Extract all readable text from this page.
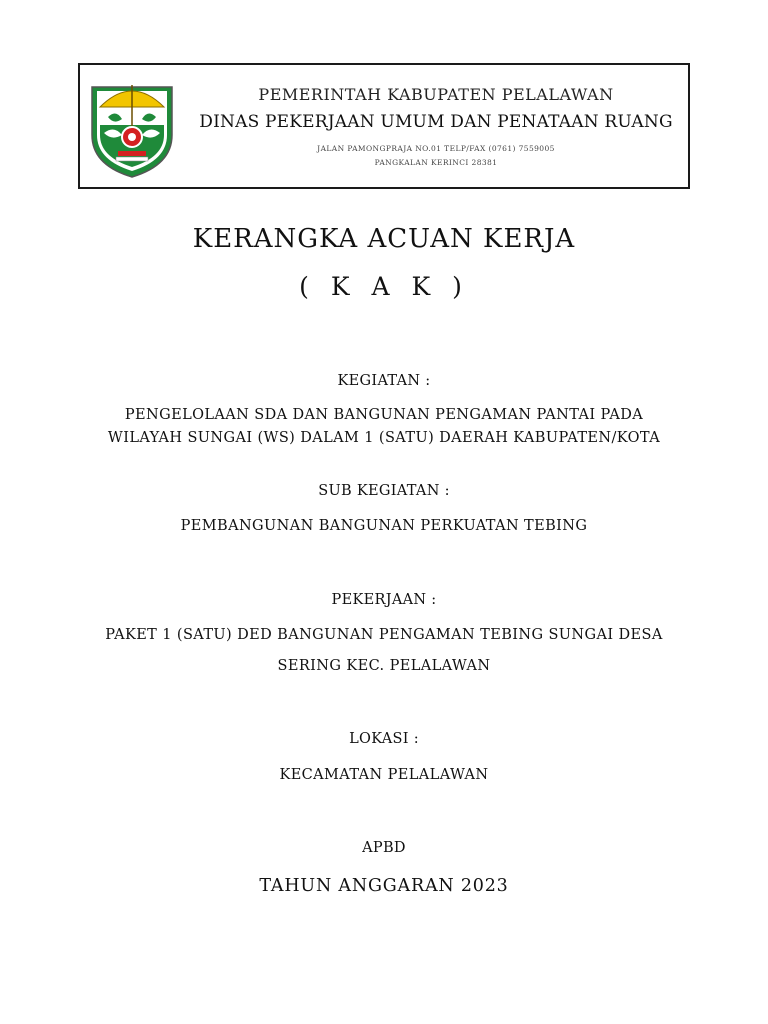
PEMERINTAH KABUPATEN PELALAWAN
DINAS PEKERJAAN UMUM DAN PENATAAN RUANG
JALAN PAMONGPRAJA NO.01 TELP/FAX (0761) 7559005
PANGKALAN KERINCI 28381
KERANGKA ACUAN KERJA
( K A K )
KEGIATAN :
PENGELOLAAN SDA DAN BANGUNAN PENGAMAN PANTAI PADA
WILAYAH SUNGAI (WS) DALAM 1 (SATU) DAERAH KABUPATEN/KOTA
SUB KEGIATAN :
PEMBANGUNAN BANGUNAN PERKUATAN TEBING
PEKERJAAN :
PAKET 1 (SATU) DED BANGUNAN PENGAMAN TEBING SUNGAI DESA
SERING KEC. PELALAWAN
LOKASI :
KECAMATAN PELALAWAN
APBD
TAHUN ANGGARAN 2023
